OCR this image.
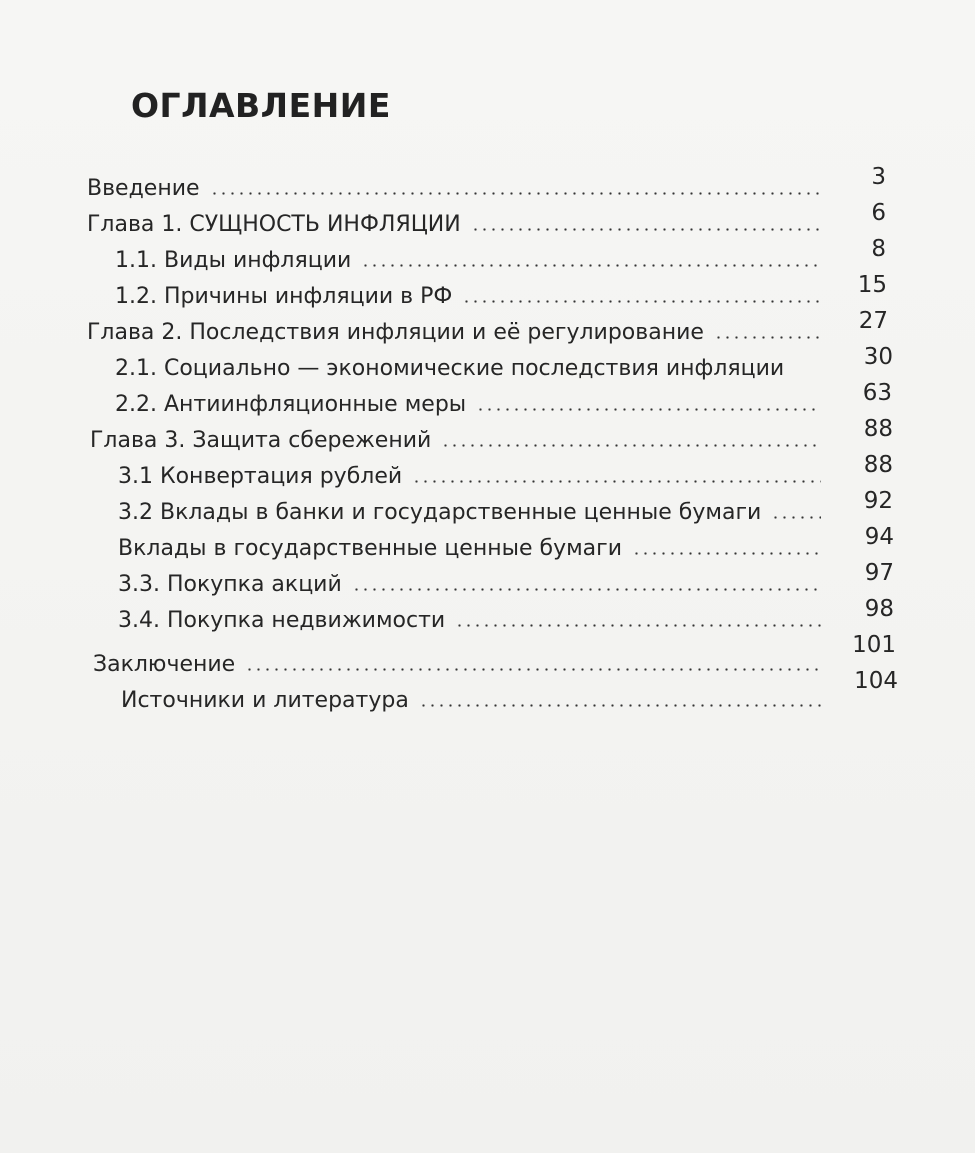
ОГЛАВЛЕНИЕ
Введение
Глава 1. СУЩНОСТЬ ИНФЛЯЦИИ
1.1. Виды инфляции
1.2. Причины инфляции в РФ
Глава 2. Последствия инфляции и её регулирование
2.1. Социально — экономические последствия инфляции
2.2. Антиинфляционные меры
Глава 3. Защита сбережений
3.1 Конвертация рублей
3.2 Вклады в банки и государственные ценные бумаги
Вклады в государственные ценные бумаги
3.3. Покупка акций
3.4. Покупка недвижимости
Заключение
Источники и литература
3
6
8
15
27
30
63
88
88
92
94
97
98
101
104
